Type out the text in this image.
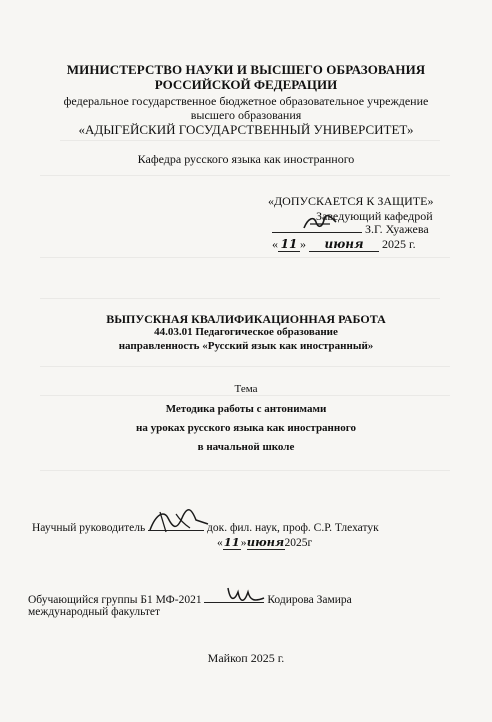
МИНИСТЕРСТВО НАУКИ И ВЫСШЕГО ОБРАЗОВАНИЯ
РОССИЙСКОЙ ФЕДЕРАЦИИ
федеральное государственное бюджетное образовательное учреждение
высшего образования
«АДЫГЕЙСКИЙ ГОСУДАРСТВЕННЫЙ УНИВЕРСИТЕТ»
Кафедра русского языка как иностранного
«ДОПУСКАЕТСЯ К ЗАЩИТЕ»
Заведующий кафедрой
З.Г. Хуажева
« 11 » июня 2025 г.
ВЫПУСКНАЯ КВАЛИФИКАЦИОННАЯ РАБОТА
44.03.01 Педагогическое образование
направленность «Русский язык как иностранный»
Тема
Методика работы с антонимами
на уроках русского языка как иностранного
в начальной школе
Научный руководитель	док. фил. наук, проф. С.Р. Тлехатук
«11»июня2025г
Обучающийся группы Б1 МФ-2021	Кодирова Замира
международный факультет
Майкоп 2025 г.
